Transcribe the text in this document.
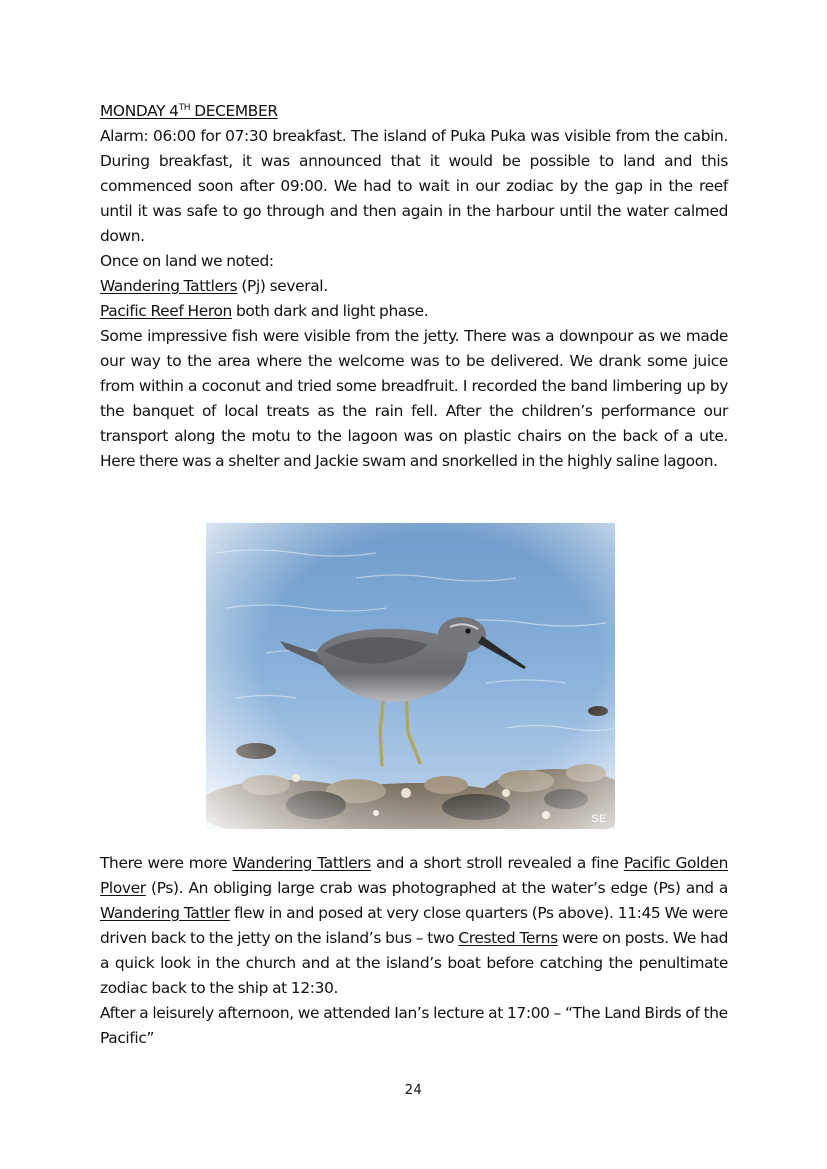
MONDAY 4TH DECEMBER

Alarm: 06:00 for 07:30 breakfast. The island of Puka Puka was visible from the cabin. During breakfast, it was announced that it would be possible to land and this commenced soon after 09:00. We had to wait in our zodiac by the gap in the reef until it was safe to go through and then again in the harbour until the water calmed down.

Once on land we noted:

Wandering Tattlers (Pj) several.

Pacific Reef Heron both dark and light phase.

Some impressive fish were visible from the jetty. There was a downpour as we made our way to the area where the welcome was to be delivered. We drank some juice from within a coconut and tried some breadfruit. I recorded the band limbering up by the banquet of local treats as the rain fell. After the children’s performance our transport along the motu to the lagoon was on plastic chairs on the back of a ute. Here there was a shelter and Jackie swam and snorkelled in the highly saline lagoon.

SE

There were more Wandering Tattlers and a short stroll revealed a fine Pacific Golden Plover (Ps). An obliging large crab was photographed at the water’s edge (Ps) and a Wandering Tattler flew in and posed at very close quarters (Ps above). 11:45 We were driven back to the jetty on the island’s bus – two Crested Terns were on posts. We had a quick look in the church and at the island’s boat before catching the penultimate zodiac back to the ship at 12:30.

After a leisurely afternoon, we attended Ian’s lecture at 17:00 – “The Land Birds of the Pacific”

24
